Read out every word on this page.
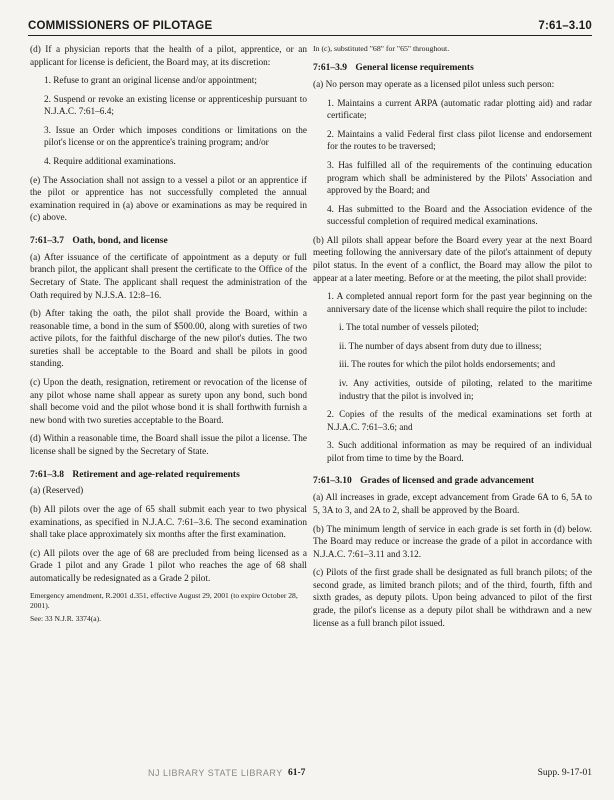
COMMISSIONERS OF PILOTAGE	7:61–3.10

(d) If a physician reports that the health of a pilot, apprentice, or an applicant for license is deficient, the Board may, at its discretion:

1. Refuse to grant an original license and/or appointment;

2. Suspend or revoke an existing license or apprenticeship pursuant to N.J.A.C. 7:61–6.4;

3. Issue an Order which imposes conditions or limitations on the pilot's license or on the apprentice's training program; and/or

4. Require additional examinations.

(e) The Association shall not assign to a vessel a pilot or an apprentice if the pilot or apprentice has not successfully completed the annual examination required in (a) above or examinations as may be required in (c) above.

7:61–3.7 Oath, bond, and license

(a) After issuance of the certificate of appointment as a deputy or full branch pilot, the applicant shall present the certificate to the Office of the Secretary of State. The applicant shall request the administration of the Oath required by N.J.S.A. 12:8–16.

(b) After taking the oath, the pilot shall provide the Board, within a reasonable time, a bond in the sum of $500.00, along with sureties of two active pilots, for the faithful discharge of the new pilot's duties. The two sureties shall be acceptable to the Board and shall be pilots in good standing.

(c) Upon the death, resignation, retirement or revocation of the license of any pilot whose name shall appear as surety upon any bond, such bond shall become void and the pilot whose bond it is shall forthwith furnish a new bond with two sureties acceptable to the Board.

(d) Within a reasonable time, the Board shall issue the pilot a license. The license shall be signed by the Secretary of State.

7:61–3.8 Retirement and age-related requirements

(a) (Reserved)

(b) All pilots over the age of 65 shall submit each year to two physical examinations, as specified in N.J.A.C. 7:61–3.6. The second examination shall take place approximately six months after the first examination.

(c) All pilots over the age of 68 are precluded from being licensed as a Grade 1 pilot and any Grade 1 pilot who reaches the age of 68 shall automatically be redesignated as a Grade 2 pilot.

Emergency amendment, R.2001 d.351, effective August 29, 2001 (to expire October 28, 2001).

See: 33 N.J.R. 3374(a).

In (c), substituted "68" for "65" throughout.

7:61–3.9 General license requirements

(a) No person may operate as a licensed pilot unless such person:

1. Maintains a current ARPA (automatic radar plotting aid) and radar certificate;

2. Maintains a valid Federal first class pilot license and endorsement for the routes to be traversed;

3. Has fulfilled all of the requirements of the continuing education program which shall be administered by the Pilots' Association and approved by the Board; and

4. Has submitted to the Board and the Association evidence of the successful completion of required medical examinations.

(b) All pilots shall appear before the Board every year at the next Board meeting following the anniversary date of the pilot's attainment of deputy pilot status. In the event of a conflict, the Board may allow the pilot to appear at a later meeting. Before or at the meeting, the pilot shall provide:

1. A completed annual report form for the past year beginning on the anniversary date of the license which shall require the pilot to include:

i. The total number of vessels piloted;

ii. The number of days absent from duty due to illness;

iii. The routes for which the pilot holds endorsements; and

iv. Any activities, outside of piloting, related to the maritime industry that the pilot is involved in;

2. Copies of the results of the medical examinations set forth at N.J.A.C. 7:61–3.6; and

3. Such additional information as may be required of an individual pilot from time to time by the Board.

7:61–3.10 Grades of licensed and grade advancement

(a) All increases in grade, except advancement from Grade 6A to 6, 5A to 5, 3A to 3, and 2A to 2, shall be approved by the Board.

(b) The minimum length of service in each grade is set forth in (d) below. The Board may reduce or increase the grade of a pilot in accordance with N.J.A.C. 7:61–3.11 and 3.12.

(c) Pilots of the first grade shall be designated as full branch pilots; of the second grade, as limited branch pilots; and of the third, fourth, fifth and sixth grades, as deputy pilots. Upon being advanced to pilot of the first grade, the pilot's license as a deputy pilot shall be withdrawn and a new license as a full branch pilot issued.

NJ LIBRARY STATE LIBRARY 61-7	Supp. 9-17-01
